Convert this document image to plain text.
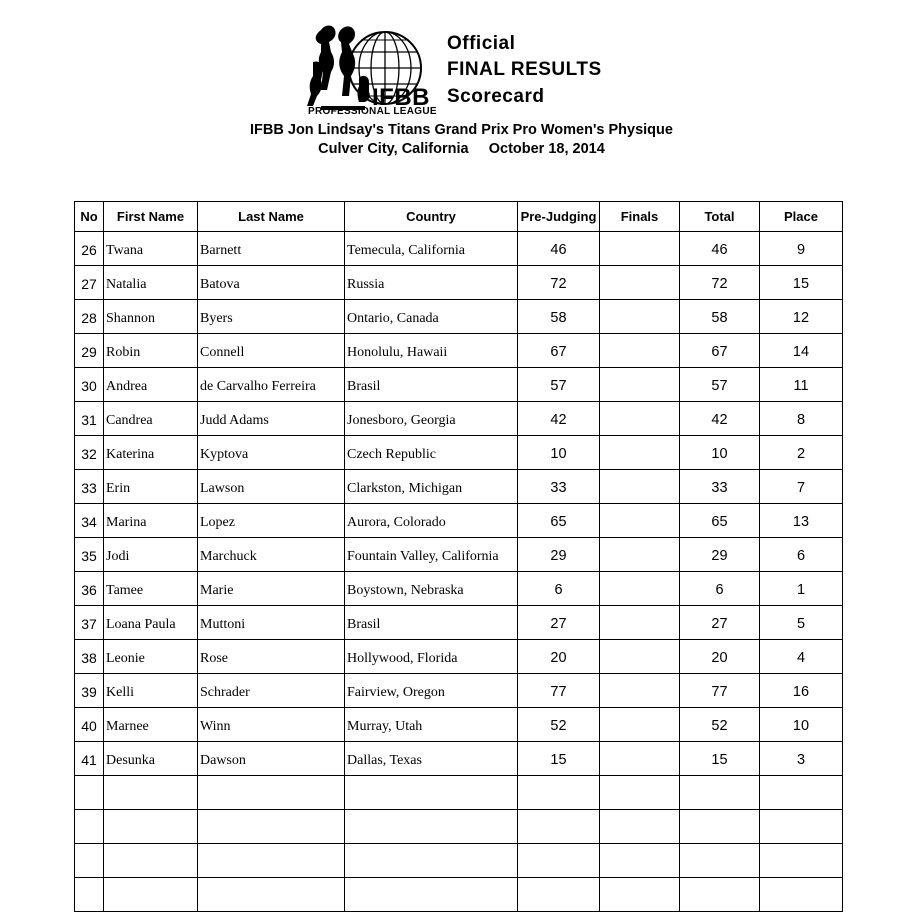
IFBB
PROFESSIONAL LEAGUE
Official
FINAL RESULTS
Scorecard
IFBB Jon Lindsay's Titans Grand Prix Pro Women's Physique
Culver City, California October 18, 2014
No	First Name	Last Name	Country	Pre-Judging	Finals	Total	Place
26	Twana	Barnett	Temecula, California	46		46	9
27	Natalia	Batova	Russia	72		72	15
28	Shannon	Byers	Ontario, Canada	58		58	12
29	Robin	Connell	Honolulu, Hawaii	67		67	14
30	Andrea	de Carvalho Ferreira	Brasil	57		57	11
31	Candrea	Judd Adams	Jonesboro, Georgia	42		42	8
32	Katerina	Kyptova	Czech Republic	10		10	2
33	Erin	Lawson	Clarkston, Michigan	33		33	7
34	Marina	Lopez	Aurora, Colorado	65		65	13
35	Jodi	Marchuck	Fountain Valley, California	29		29	6
36	Tamee	Marie	Boystown, Nebraska	6		6	1
37	Loana Paula	Muttoni	Brasil	27		27	5
38	Leonie	Rose	Hollywood, Florida	20		20	4
39	Kelli	Schrader	Fairview, Oregon	77		77	16
40	Marnee	Winn	Murray, Utah	52		52	10
41	Desunka	Dawson	Dallas, Texas	15		15	3
